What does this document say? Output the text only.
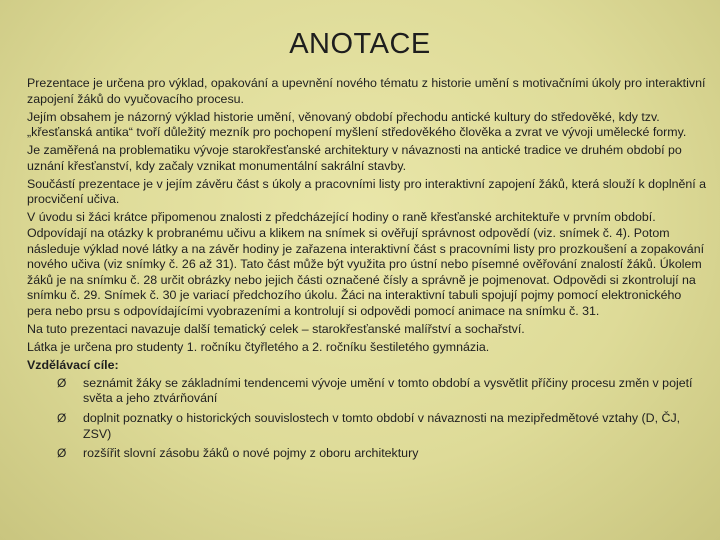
ANOTACE

Prezentace je určena pro výklad, opakování a upevnění nového tématu z historie umění s motivačními úkoly pro interaktivní zapojení žáků do vyučovacího procesu.

Jejím obsahem je názorný výklad historie umění, věnovaný období přechodu antické kultury do středověké, kdy tzv. „křesťanská antika“ tvoří důležitý mezník pro pochopení myšlení středověkého člověka a zvrat ve vývoji umělecké formy.

Je zaměřená na problematiku vývoje starokřesťanské architektury v návaznosti na antické tradice ve druhém období po uznání křesťanství, kdy začaly vznikat monumentální sakrální stavby.

Součástí prezentace je v jejím závěru část s úkoly a pracovními listy pro interaktivní zapojení žáků, která slouží k doplnění a procvičení učiva.

V úvodu si žáci krátce připomenou znalosti z předcházející hodiny o raně křesťanské architektuře v prvním období. Odpovídají na otázky k probranému učivu a klikem na snímek si ověřují správnost odpovědí (viz. snímek č. 4). Potom následuje výklad nové látky a na závěr hodiny je zařazena interaktivní část s pracovními listy pro prozkoušení a zopakování nového učiva (viz snímky č. 26 až 31). Tato část může být využita pro ústní nebo písemné ověřování znalostí žáků. Úkolem žáků je na snímku č. 28 určit obrázky nebo jejich části označené čísly a správně je pojmenovat. Odpovědi si zkontrolují na snímku č. 29. Snímek č. 30 je variací předchozího úkolu. Žáci na interaktivní tabuli spojují pojmy pomocí elektronického pera nebo prsu s odpovídajícími vyobrazeními a kontrolují si odpovědi pomocí animace na snímku č. 31.

Na tuto prezentaci navazuje další tematický celek – starokřesťanské malířství a sochařství.

Látka je určena pro studenty 1. ročníku čtyřletého a 2. ročníku šestiletého gymnázia.

Vzdělávací cíle:

Ø seznámit žáky se základními tendencemi vývoje umění v tomto období a vysvětlit příčiny procesu změn v pojetí světa a jeho ztvárňování
Ø doplnit poznatky o historických souvislostech v tomto období v návaznosti na mezipředmětové vztahy (D, ČJ, ZSV)
Ø rozšířit slovní zásobu žáků o nové pojmy z oboru architektury
